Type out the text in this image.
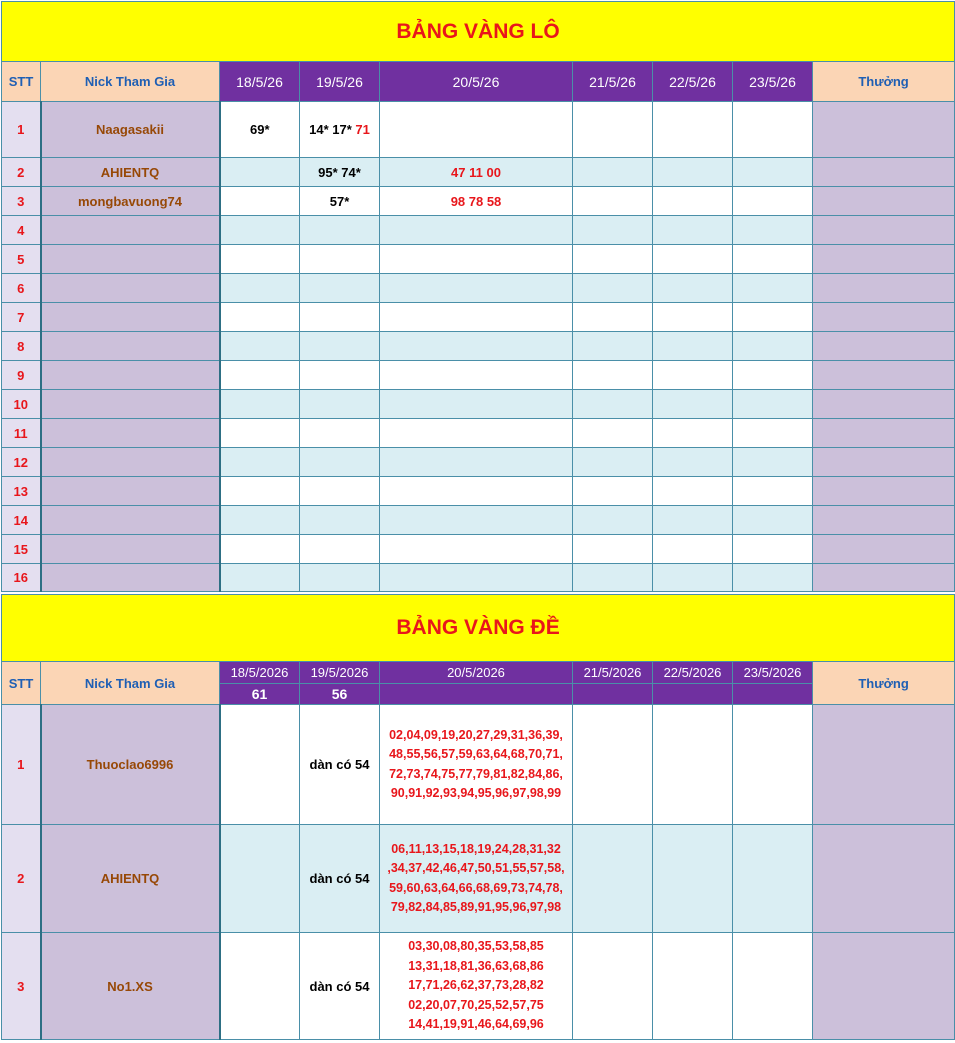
BẢNG VÀNG LÔ								
STT	Nick Tham Gia	18/5/26	19/5/26	20/5/26	21/5/26	22/5/26	23/5/26	Thưởng
1	Naagasakii	69*	14* 17* 71					
2	AHIENTQ		95* 74*	47 11 00				
3	mongbavuong74		57*	98 78 58				
4								
5								
6								
7								
8								
9								
10								
11								
12								
13								
14								
15								
16								
BẢNG VÀNG ĐỀ								
STT	Nick Tham Gia	18/5/2026	19/5/2026	20/5/2026	21/5/2026	22/5/2026	23/5/2026	Thưởng
		61	56					
1	Thuoclao6996		dàn có 54	02,04,09,19,20,27,29,31,36,39,
48,55,56,57,59,63,64,68,70,71,
72,73,74,75,77,79,81,82,84,86,
90,91,92,93,94,95,96,97,98,99				

2	AHIENTQ		dàn có 54	06,11,13,15,18,19,24,28,31,32
,34,37,42,46,47,50,51,55,57,58,
59,60,63,64,66,68,69,73,74,78,
79,82,84,85,89,91,95,96,97,98				

3	No1.XS		dàn có 54	03,30,08,80,35,53,58,85
13,31,18,81,36,63,68,86
17,71,26,62,37,73,28,82
02,20,07,70,25,52,57,75
14,41,19,91,46,64,69,96				
